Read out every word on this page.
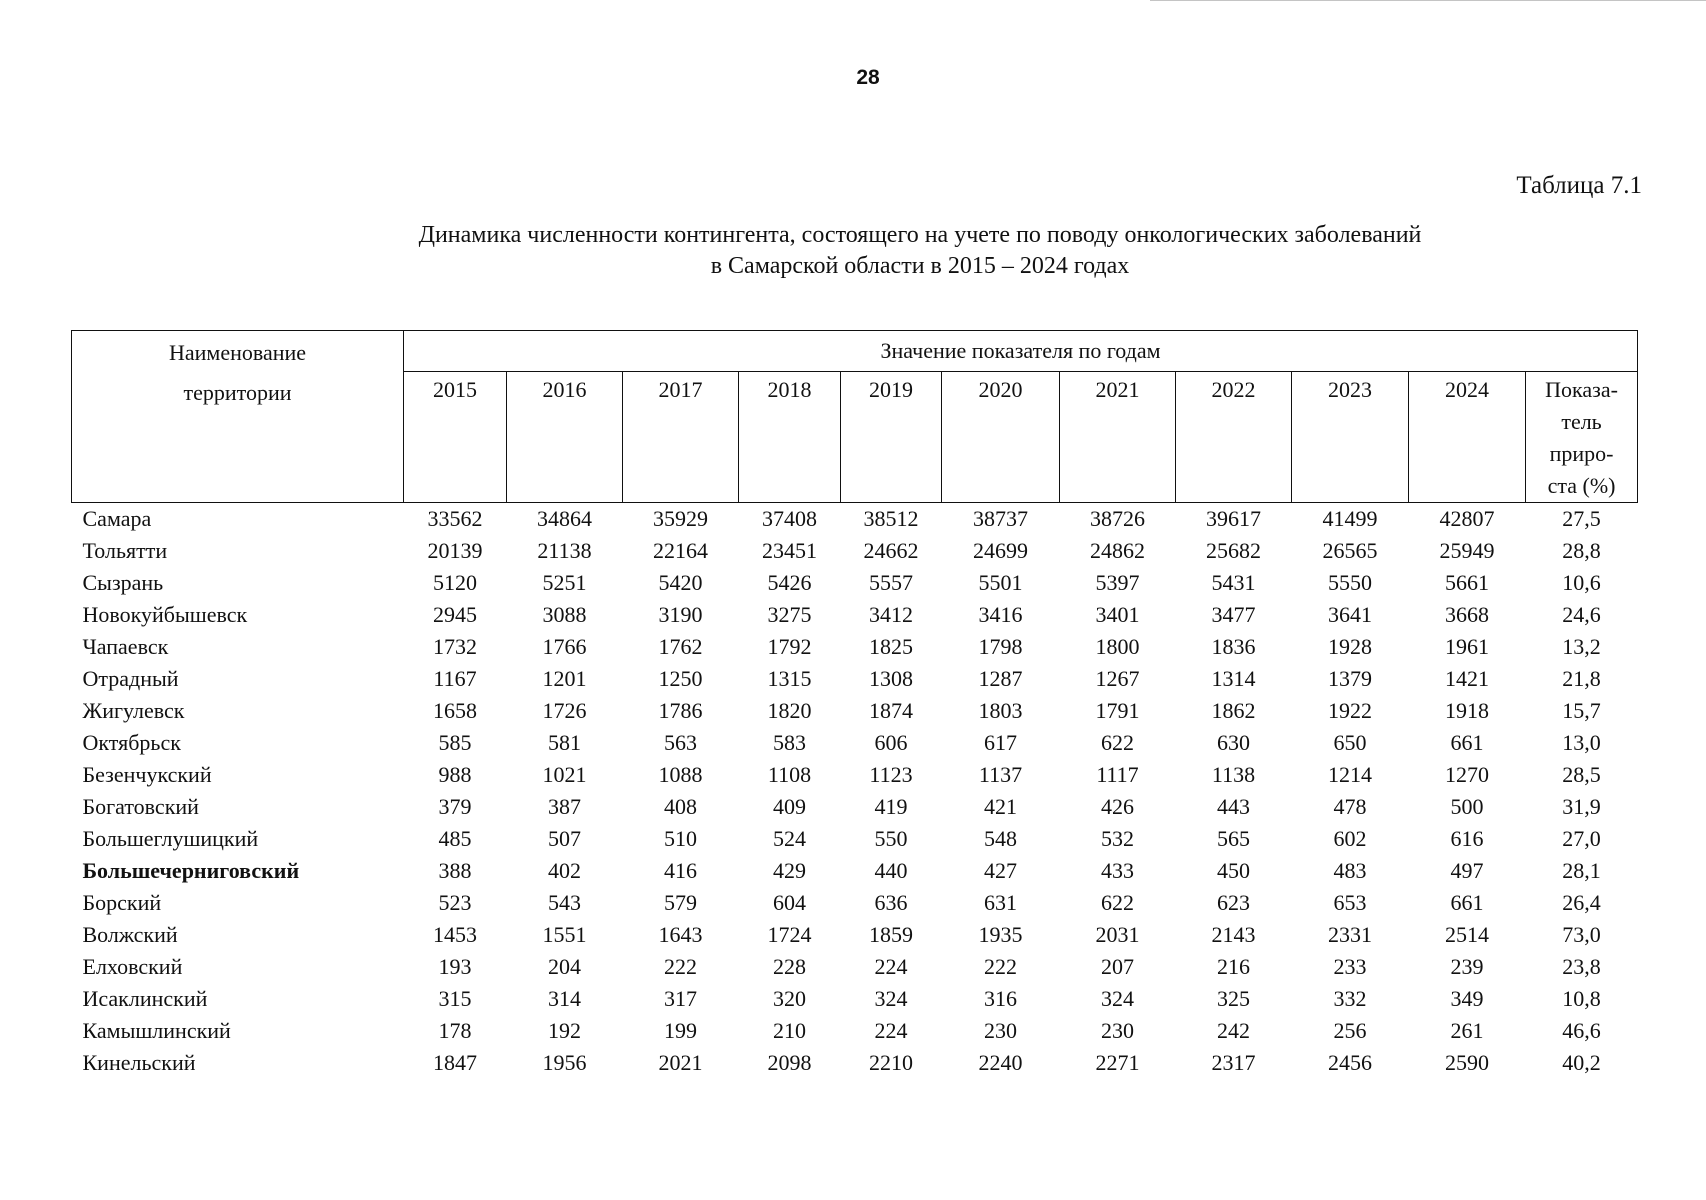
28
Таблица 7.1
Динамика численности контингента, состоящего на учете по поводу онкологических заболеваний
в Самарской области в 2015 – 2024 годах
Наименование
территории	Значение показателя по годам										
	2015	2016	2017	2018	2019	2020	2021	2022	2023	2024	Показа-
тель
приро-
ста (%)

Самара	33562	34864	35929	37408	38512	38737	38726	39617	41499	42807	27,5
Тольятти	20139	21138	22164	23451	24662	24699	24862	25682	26565	25949	28,8
Сызрань	5120	5251	5420	5426	5557	5501	5397	5431	5550	5661	10,6
Новокуйбышевск	2945	3088	3190	3275	3412	3416	3401	3477	3641	3668	24,6
Чапаевск	1732	1766	1762	1792	1825	1798	1800	1836	1928	1961	13,2
Отрадный	1167	1201	1250	1315	1308	1287	1267	1314	1379	1421	21,8
Жигулевск	1658	1726	1786	1820	1874	1803	1791	1862	1922	1918	15,7
Октябрьск	585	581	563	583	606	617	622	630	650	661	13,0
Безенчукский	988	1021	1088	1108	1123	1137	1117	1138	1214	1270	28,5
Богатовский	379	387	408	409	419	421	426	443	478	500	31,9
Большеглушицкий	485	507	510	524	550	548	532	565	602	616	27,0
Большечерниговский	388	402	416	429	440	427	433	450	483	497	28,1
Борский	523	543	579	604	636	631	622	623	653	661	26,4
Волжский	1453	1551	1643	1724	1859	1935	2031	2143	2331	2514	73,0
Елховский	193	204	222	228	224	222	207	216	233	239	23,8
Исаклинский	315	314	317	320	324	316	324	325	332	349	10,8
Камышлинский	178	192	199	210	224	230	230	242	256	261	46,6
Кинельский	1847	1956	2021	2098	2210	2240	2271	2317	2456	2590	40,2
